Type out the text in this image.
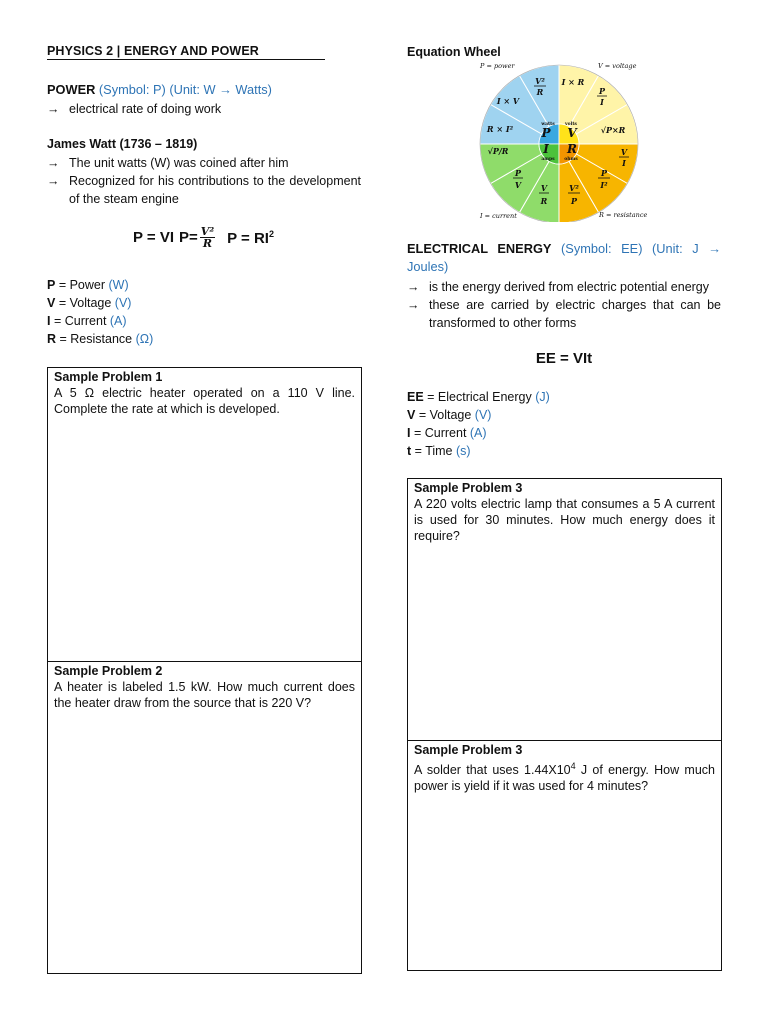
PHYSICS 2 | ENERGY AND POWER
POWER (Symbol: P) (Unit: W → Watts)
→ electrical rate of doing work
James Watt (1736 – 1819)
→ The unit watts (W) was coined after him
→ Recognized for his contributions to the development of the steam engine
P = VI $P= \frac{\text{V²}}{R}$ $P = RI^2$
P = Power (W)
V = Voltage (V)
I = Current (A)
R = Resistance (Ω)
Sample Problem 1
A 5 Ω electric heater operated on a 110 V line. Complete the rate at which is developed.
Sample Problem 2
A heater is labeled 1.5 kW. How much current does the heater draw from the source that is 220 V?
Equation Wheel
V²
R
I × R
P
I
I × V
R × I²	√P×R
√P/R	V
I
P
V V
R
V²
P
P
I²
P V
I R
watts volts
amps ohms
P = power	V = voltage
I = current	R = resistance
ELECTRICAL ENERGY (Symbol: EE) (Unit: J → Joules)
→ is the energy derived from electric potential energy
→ these are carried by electric charges that can be transformed to other forms
EE = VIt
EE = Electrical Energy (J)
V = Voltage (V)
I = Current (A)
t = Time (s)
Sample Problem 3
A 220 volts electric lamp that consumes a 5 A current is used for 30 minutes. How much energy does it require?
Sample Problem 3
A solder that uses $1.44X10^4$ J of energy. How much power is yield if it was used for 4 minutes?
